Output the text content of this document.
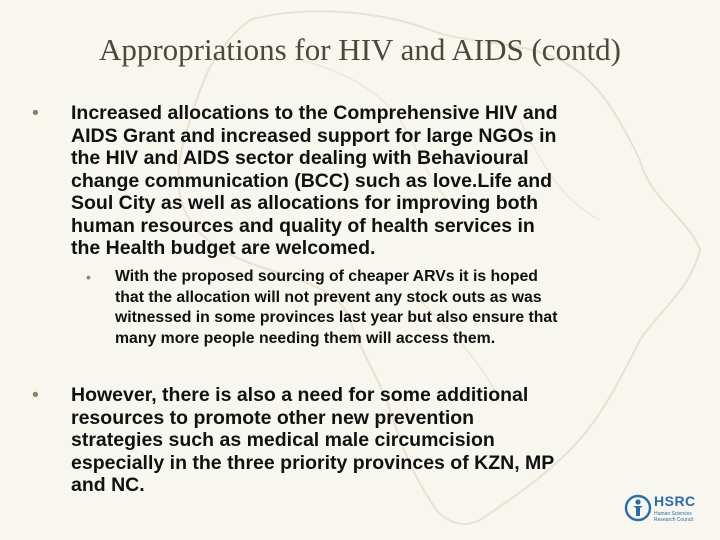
Appropriations for HIV and AIDS (contd)
•	Increased allocations to the Comprehensive HIV and
AIDS Grant and increased support for large NGOs in
the HIV and AIDS sector dealing with Behavioural
change communication (BCC) such as love.Life and
Soul City as well as allocations for improving both
human resources and quality of health services in
the Health budget are welcomed.
•	With the proposed sourcing of cheaper ARVs it is hoped
that the allocation will not prevent any stock outs as was
witnessed in some provinces last year but also ensure that
many more people needing them will access them.
•	However, there is also a need for some additional
resources to promote other new prevention
strategies such as medical male circumcision
especially in the three priority provinces of KZN, MP
and NC.
HSRC
Human Sciences
Research Council
